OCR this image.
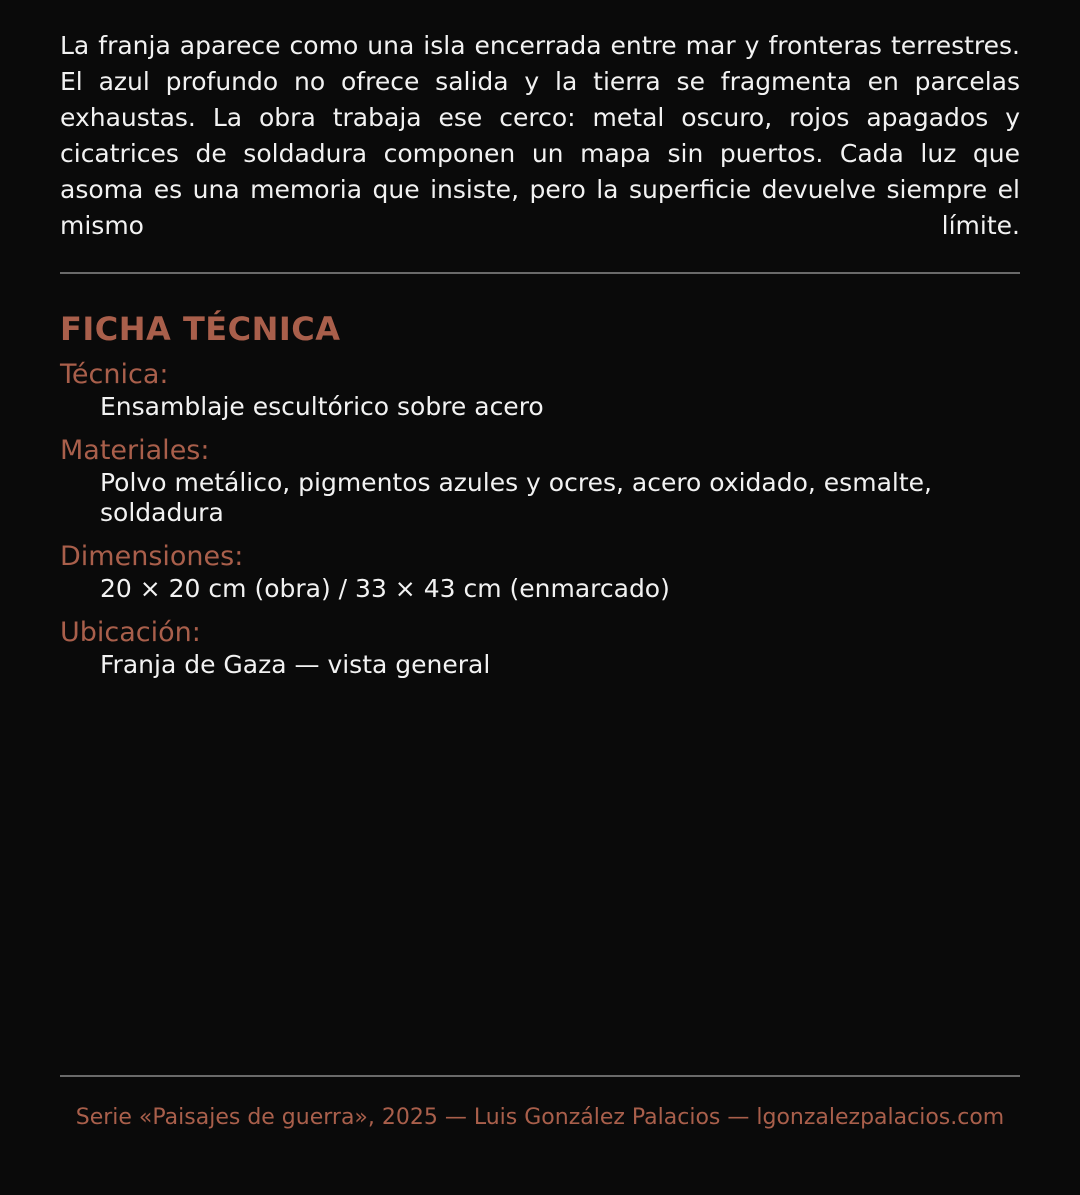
La franja aparece como una isla encerrada entre mar y fronteras terrestres. El azul profundo no ofrece salida y la tierra se fragmenta en parcelas exhaustas. La obra trabaja ese cerco: metal oscuro, rojos apagados y cicatrices de soldadura componen un mapa sin puertos. Cada luz que asoma es una memoria que insiste, pero la superficie devuelve siempre el mismo límite.

FICHA TÉCNICA
Técnica:
Ensamblaje escultórico sobre acero
Materiales:
Polvo metálico, pigmentos azules y ocres, acero oxidado, esmalte, soldadura
Dimensiones:
20 × 20 cm (obra) / 33 × 43 cm (enmarcado)
Ubicación:
Franja de Gaza — vista general

Serie «Paisajes de guerra», 2025 — Luis González Palacios — lgonzalezpalacios.com
